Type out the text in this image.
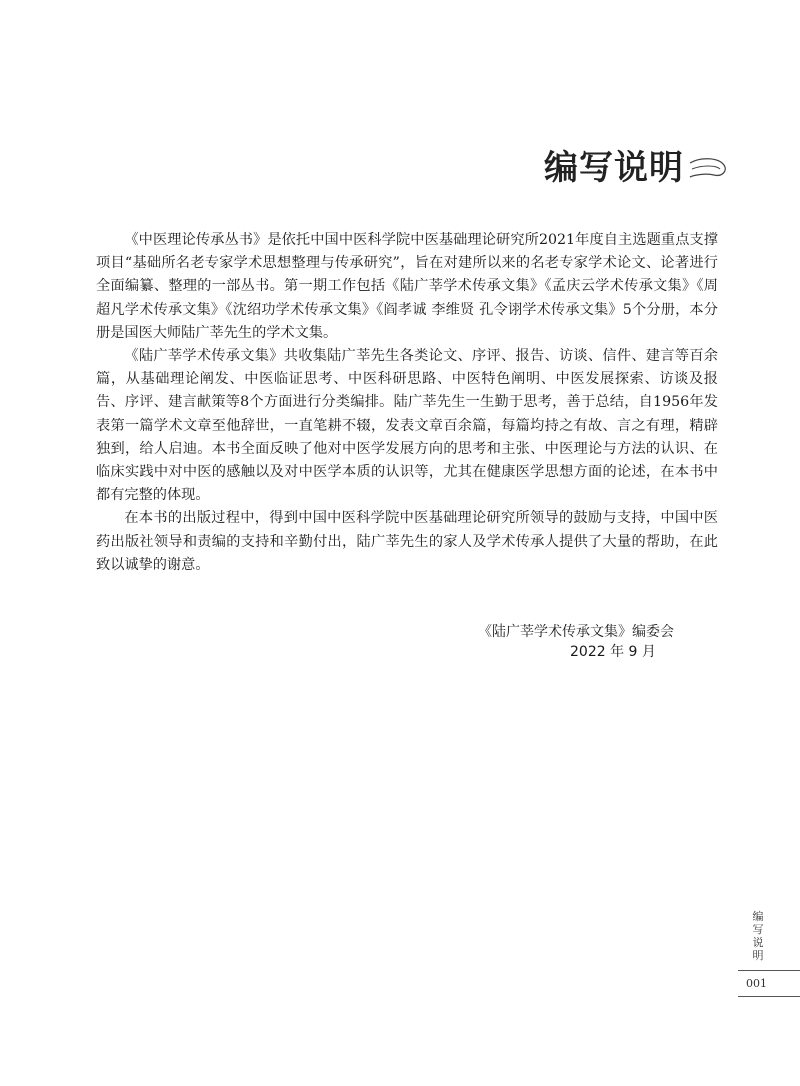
编写说明

《中医理论传承丛书》是依托中国中医科学院中医基础理论研究所2021年度自主选题重点支撑项目“基础所名老专家学术思想整理与传承研究”，旨在对建所以来的名老专家学术论文、论著进行全面编纂、整理的一部丛书。第一期工作包括《陆广莘学术传承文集》《孟庆云学术传承文集》《周超凡学术传承文集》《沈绍功学术传承文集》《阎孝诚 李维贤 孔令诩学术传承文集》5个分册，本分册是国医大师陆广莘先生的学术文集。

《陆广莘学术传承文集》共收集陆广莘先生各类论文、序评、报告、访谈、信件、建言等百余篇，从基础理论阐发、中医临证思考、中医科研思路、中医特色阐明、中医发展探索、访谈及报告、序评、建言献策等8个方面进行分类编排。陆广莘先生一生勤于思考，善于总结，自1956年发表第一篇学术文章至他辞世，一直笔耕不辍，发表文章百余篇，每篇均持之有故、言之有理，精辟独到，给人启迪。本书全面反映了他对中医学发展方向的思考和主张、中医理论与方法的认识、在临床实践中对中医的感触以及对中医学本质的认识等，尤其在健康医学思想方面的论述，在本书中都有完整的体现。

在本书的出版过程中，得到中国中医科学院中医基础理论研究所领导的鼓励与支持，中国中医药出版社领导和责编的支持和辛勤付出，陆广莘先生的家人及学术传承人提供了大量的帮助，在此致以诚挚的谢意。

《陆广莘学术传承文集》编委会
2022 年 9 月
编写说明
001
